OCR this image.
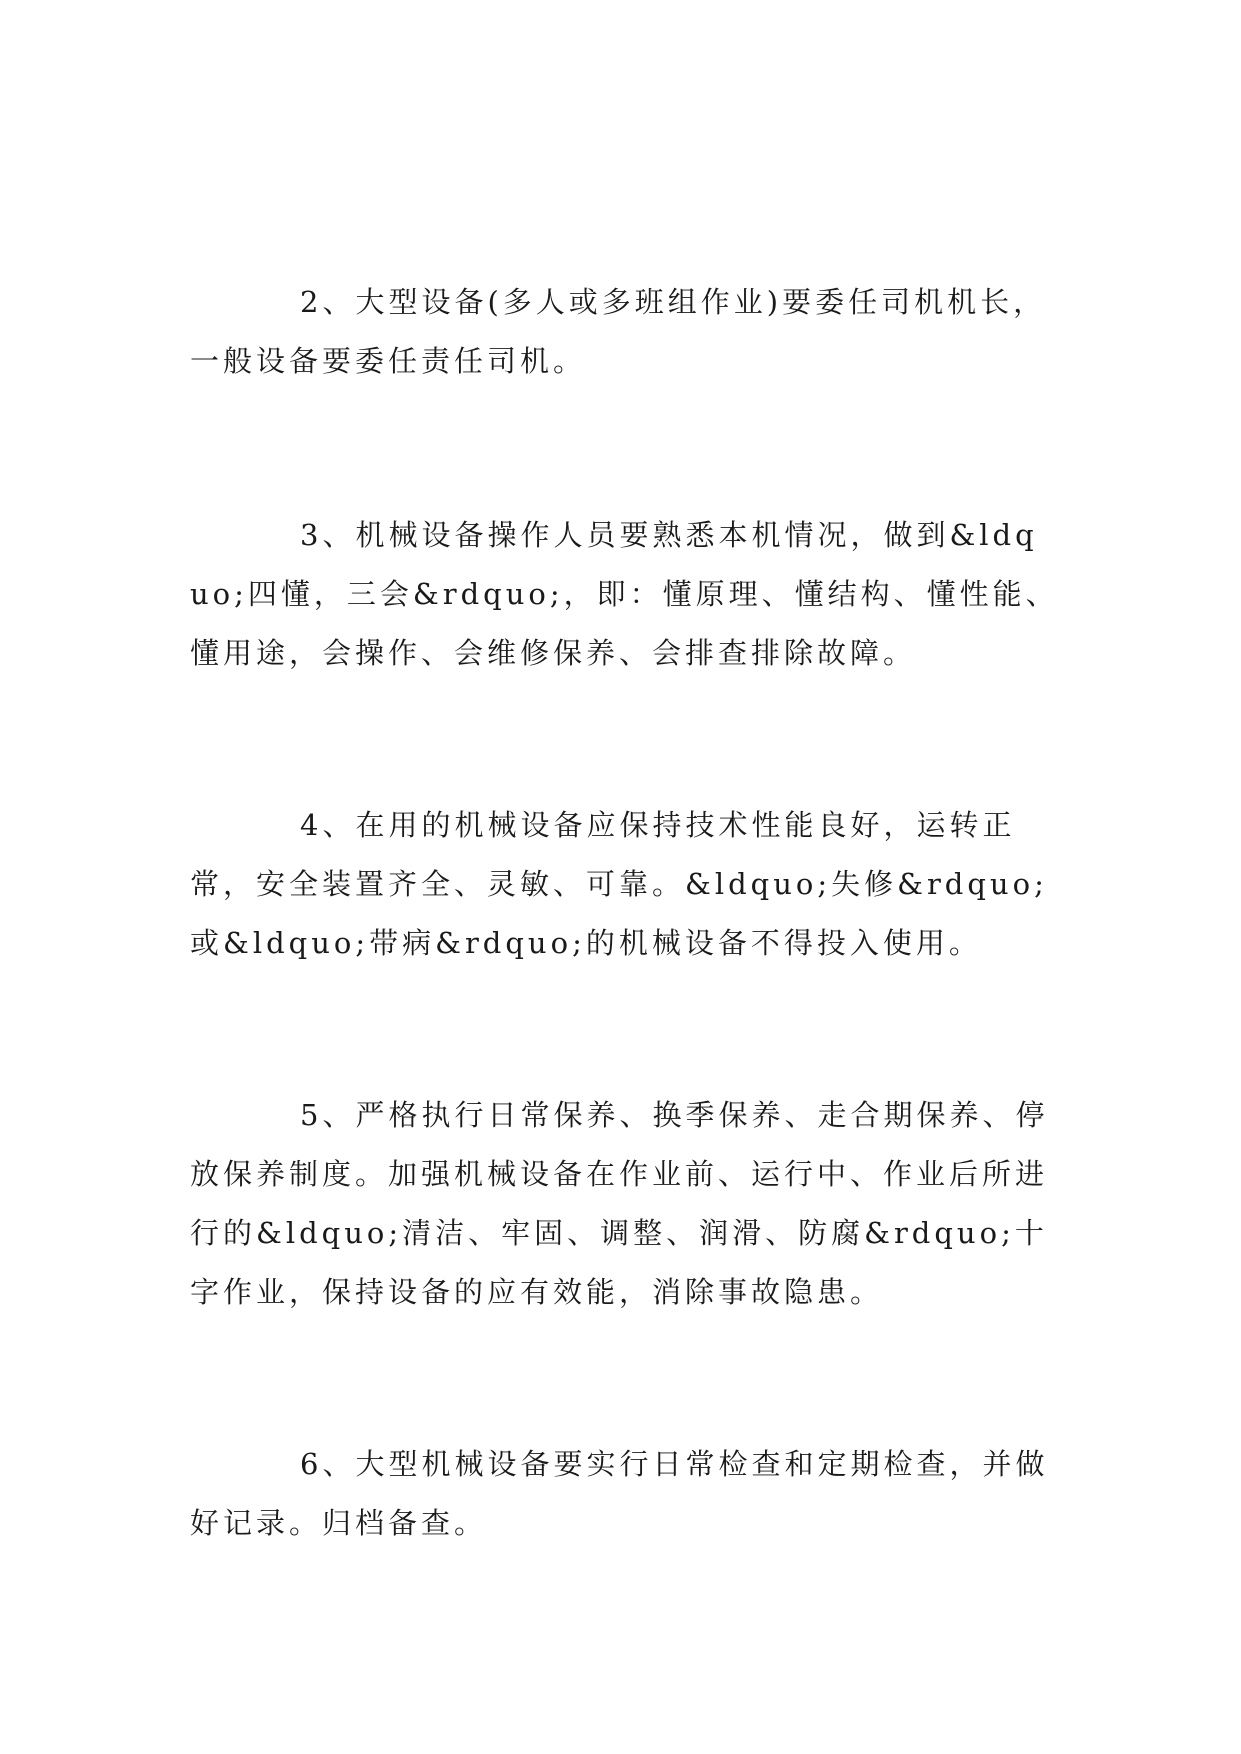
2、大型设备(多人或多班组作业)要委任司机机长，一般设备要委任责任司机。

3、机械设备操作人员要熟悉本机情况，做到&ldquo;四懂，三会&rdquo;，即：懂原理、懂结构、懂性能、懂用途，会操作、会维修保养、会排查排除故障。

4、在用的机械设备应保持技术性能良好，运转正常，安全装置齐全、灵敏、可靠。&ldquo;失修&rdquo;或&ldquo;带病&rdquo;的机械设备不得投入使用。

5、严格执行日常保养、换季保养、走合期保养、停放保养制度。加强机械设备在作业前、运行中、作业后所进行的&ldquo;清洁、牢固、调整、润滑、防腐&rdquo;十字作业，保持设备的应有效能，消除事故隐患。

6、大型机械设备要实行日常检查和定期检查，并做好记录。归档备查。
